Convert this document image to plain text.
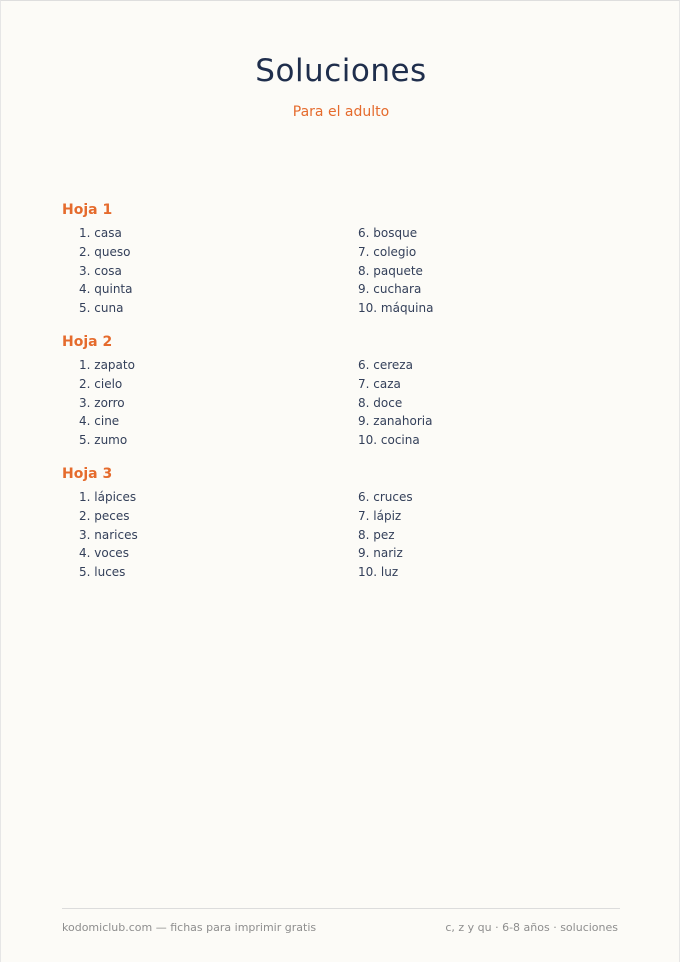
Soluciones
Para el adulto
Hoja 1
1. casa
2. queso
3. cosa
4. quinta
5. cuna
6. bosque
7. colegio
8. paquete
9. cuchara
10. máquina
Hoja 2
1. zapato
2. cielo
3. zorro
4. cine
5. zumo
6. cereza
7. caza
8. doce
9. zanahoria
10. cocina
Hoja 3
1. lápices
2. peces
3. narices
4. voces
5. luces
6. cruces
7. lápiz
8. pez
9. nariz
10. luz
kodomiclub.com — fichas para imprimir gratis	c, z y qu · 6-8 años · soluciones
